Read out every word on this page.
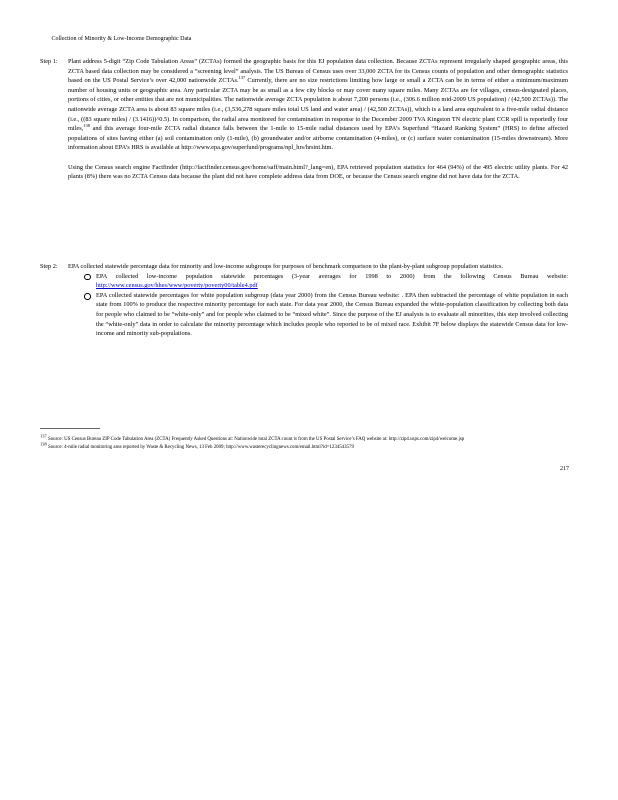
Collection of Minority & Low-Income Demographic Data
Step 1:	Plant address 5-digit “Zip Code Tabulation Areas” (ZCTAs) formed the geographic basis for this EJ population data collection. Because ZCTAs represent irregularly shaped geographic areas, this ZCTA based data collection may be considered a “screening level” analysis. The US Bureau of Census uses over 33,000 ZCTA for its Census counts of population and other demographic statistics based on the US Postal Service’s over 42,000 nationwide ZCTAs.$^{137}$ Currently, there are no size restrictions limiting how large or small a ZCTA can be in terms of either a minimum/maximum number of housing units or geographic area. Any particular ZCTA may be as small as a few city blocks or may cover many square miles. Many ZCTAs are for villages, census-designated places, portions of cities, or other entities that are not municipalities. The nationwide average ZCTA population is about 7,200 persons (i.e., (306.6 million mid-2009 US population) / (42,500 ZCTAs)). The nationwide average ZCTA area is about 83 square miles (i.e., (3,536,278 square miles total US land and water area) / (42,500 ZCTAs)), which is a land area equivalent to a five-mile radial distance (i.e., ((83 square miles) / (3.1416))^0.5). In comparison, the radial area monitored for contamination in response to the December 2009 TVA Kingston TN electric plant CCR spill is reportedly four miles,$^{138}$ and this average four-mile ZCTA radial distance falls between the 1-mile to 15-mile radial distances used by EPA’s Superfund “Hazard Ranking System” (HRS) to define affected populations of sites having either (a) soil contamination only (1-mile), (b) groundwater and/or airborne contamination (4-miles), or (c) surface water contamination (15-miles downstream). More information about EPA’s HRS is available at http://www.epa.gov/superfund/programs/npl_hrs/hrsint.htm.

Using the Census search engine Factfinder (http://factfinder.census.gov/home/saff/main.html?_lang=en), EPA retrieved population statistics for 464 (94%) of the 495 electric utility plants. For 42 plants (8%) there was no ZCTA Census data because the plant did not have complete address data from DOE, or because the Census search engine did not have data for the ZCTA.

Step 2:	EPA collected statewide percentage data for minority and low-income subgroups for purposes of benchmark comparison to the plant-by-plant subgroup population statistics.

EPA collected low-income population statewide percentages (3-year averages for 1998 to 2000) from the following Census Bureau website: http://www.census.gov/hhes/www/poverty/poverty00/table4.pdf
EPA collected statewide percentages for white population subgroup (data year 2000) from the Census Bureau website: . EPA then subtracted the percentage of white population in each state from 100% to produce the respective minority percentage for each state. For data year 2000, the Census Bureau expanded the white-population classification by collecting both data for people who claimed to be “white-only” and for people who claimed to be “mixed white”. Since the purpose of the EJ analysis is to evaluate all minorities, this step involved collecting the “white-only” data in order to calculate the minority percentage which includes people who reported to be of mixed race. Exhibit 7F below displays the statewide Census data for low-income and minority sub-populations.

$^{137}$ Source: US Census Bureau ZIP Code Tabulation Area (ZCTA) Frequently Asked Questions at: Nationwide total ZCTA count is from the US Postal Service’s FAQ website at: http://zip4.usps.com/zip4/welcome.jsp

$^{138}$ Source: 4-mile radial monitoring area reported by Waste & Recycling News, 13 Feb 2009; http://www.wasterecyclingnews.com/email.html?id=1234543579

217
